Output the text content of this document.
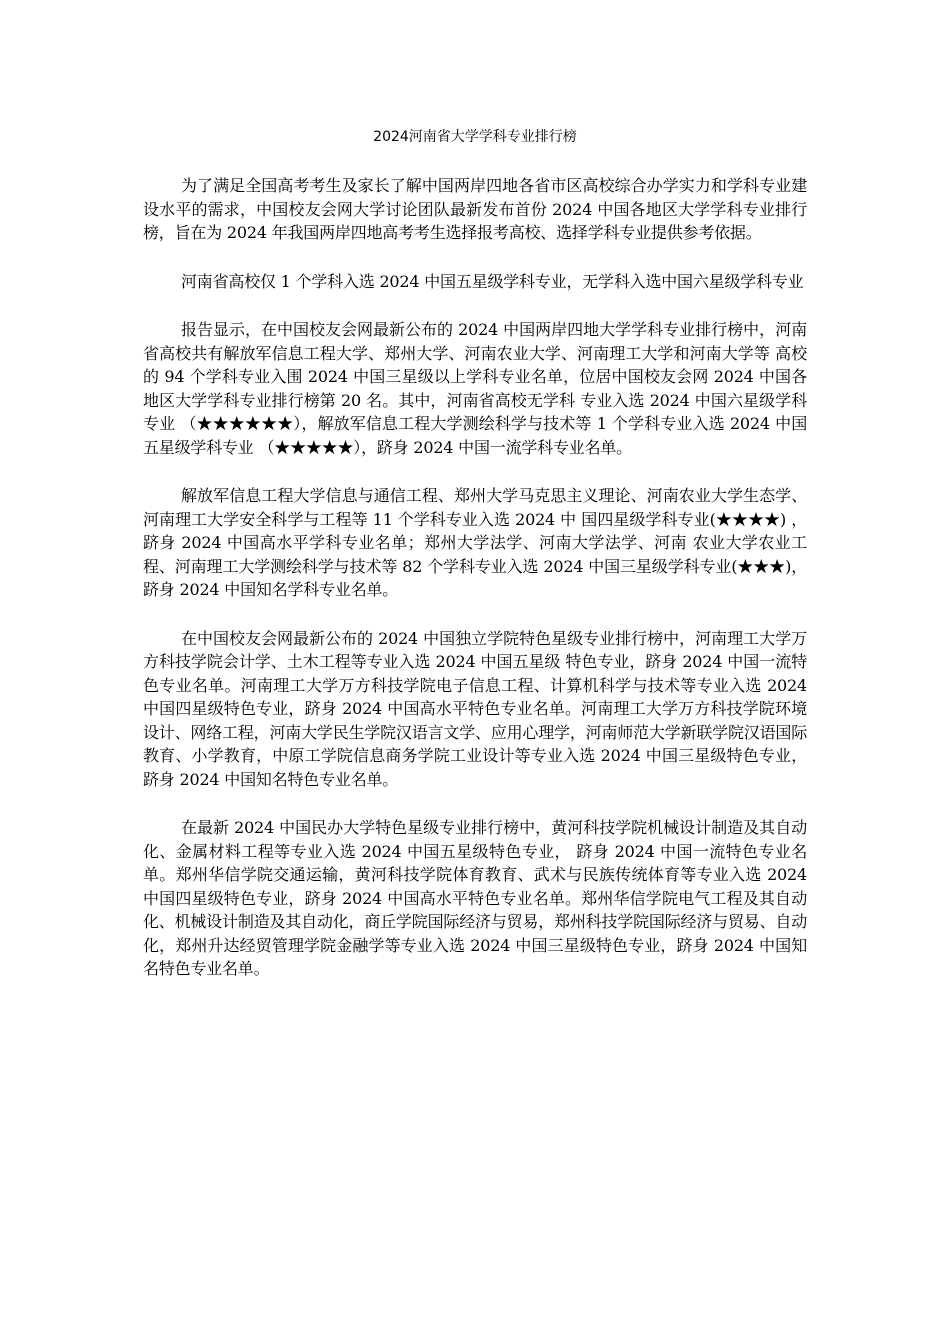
2024河南省大学学科专业排行榜

为了满足全国高考考生及家长了解中国两岸四地各省市区高校综合办学实力和学科专业建设水平的需求，中国校友会网大学讨论团队最新发布首份 2024 中国各地区大学学科专业排行榜，旨在为 2024 年我国两岸四地高考考生选择报考高校、选择学科专业提供参考依据。

河南省高校仅 1 个学科入选 2024 中国五星级学科专业，无学科入选中国六星级学科专业

报告显示，在中国校友会网最新公布的 2024 中国两岸四地大学学科专业排行榜中，河南省高校共有解放军信息工程大学、郑州大学、河南农业大学、河南理工大学和河南大学等 高校的 94 个学科专业入围 2024 中国三星级以上学科专业名单，位居中国校友会网 2024 中国各地区大学学科专业排行榜第 20 名。其中，河南省高校无学科 专业入选 2024 中国六星级学科专业 （★★★★★★），解放军信息工程大学测绘科学与技术等 1 个学科专业入选 2024 中国五星级学科专业 （★★★★★），跻身 2024 中国一流学科专业名单。

解放军信息工程大学信息与通信工程、郑州大学马克思主义理论、河南农业大学生态学、河南理工大学安全科学与工程等 11 个学科专业入选 2024 中 国四星级学科专业(★★★★) ，跻身 2024 中国高水平学科专业名单；郑州大学法学、河南大学法学、河南 农业大学农业工程、河南理工大学测绘科学与技术等 82 个学科专业入选 2024 中国三星级学科专业(★★★)，跻身 2024 中国知名学科专业名单。

在中国校友会网最新公布的 2024 中国独立学院特色星级专业排行榜中，河南理工大学万方科技学院会计学、土木工程等专业入选 2024 中国五星级 特色专业，跻身 2024 中国一流特色专业名单。河南理工大学万方科技学院电子信息工程、计算机科学与技术等专业入选 2024 中国四星级特色专业，跻身 2024 中国高水平特色专业名单。河南理工大学万方科技学院环境设计、网络工程，河南大学民生学院汉语言文学、应用心理学，河南师范大学新联学院汉语国际 教育、小学教育，中原工学院信息商务学院工业设计等专业入选 2024 中国三星级特色专业，跻身 2024 中国知名特色专业名单。

在最新 2024 中国民办大学特色星级专业排行榜中，黄河科技学院机械设计制造及其自动化、金属材料工程等专业入选 2024 中国五星级特色专业， 跻身 2024 中国一流特色专业名单。郑州华信学院交通运输，黄河科技学院体育教育、武术与民族传统体育等专业入选 2024 中国四星级特色专业，跻身 2024 中国高水平特色专业名单。郑州华信学院电气工程及其自动化、机械设计制造及其自动化，商丘学院国际经济与贸易，郑州科技学院国际经济与贸易、自动化，郑州升达经贸管理学院金融学等专业入选 2024 中国三星级特色专业，跻身 2024 中国知名特色专业名单。
